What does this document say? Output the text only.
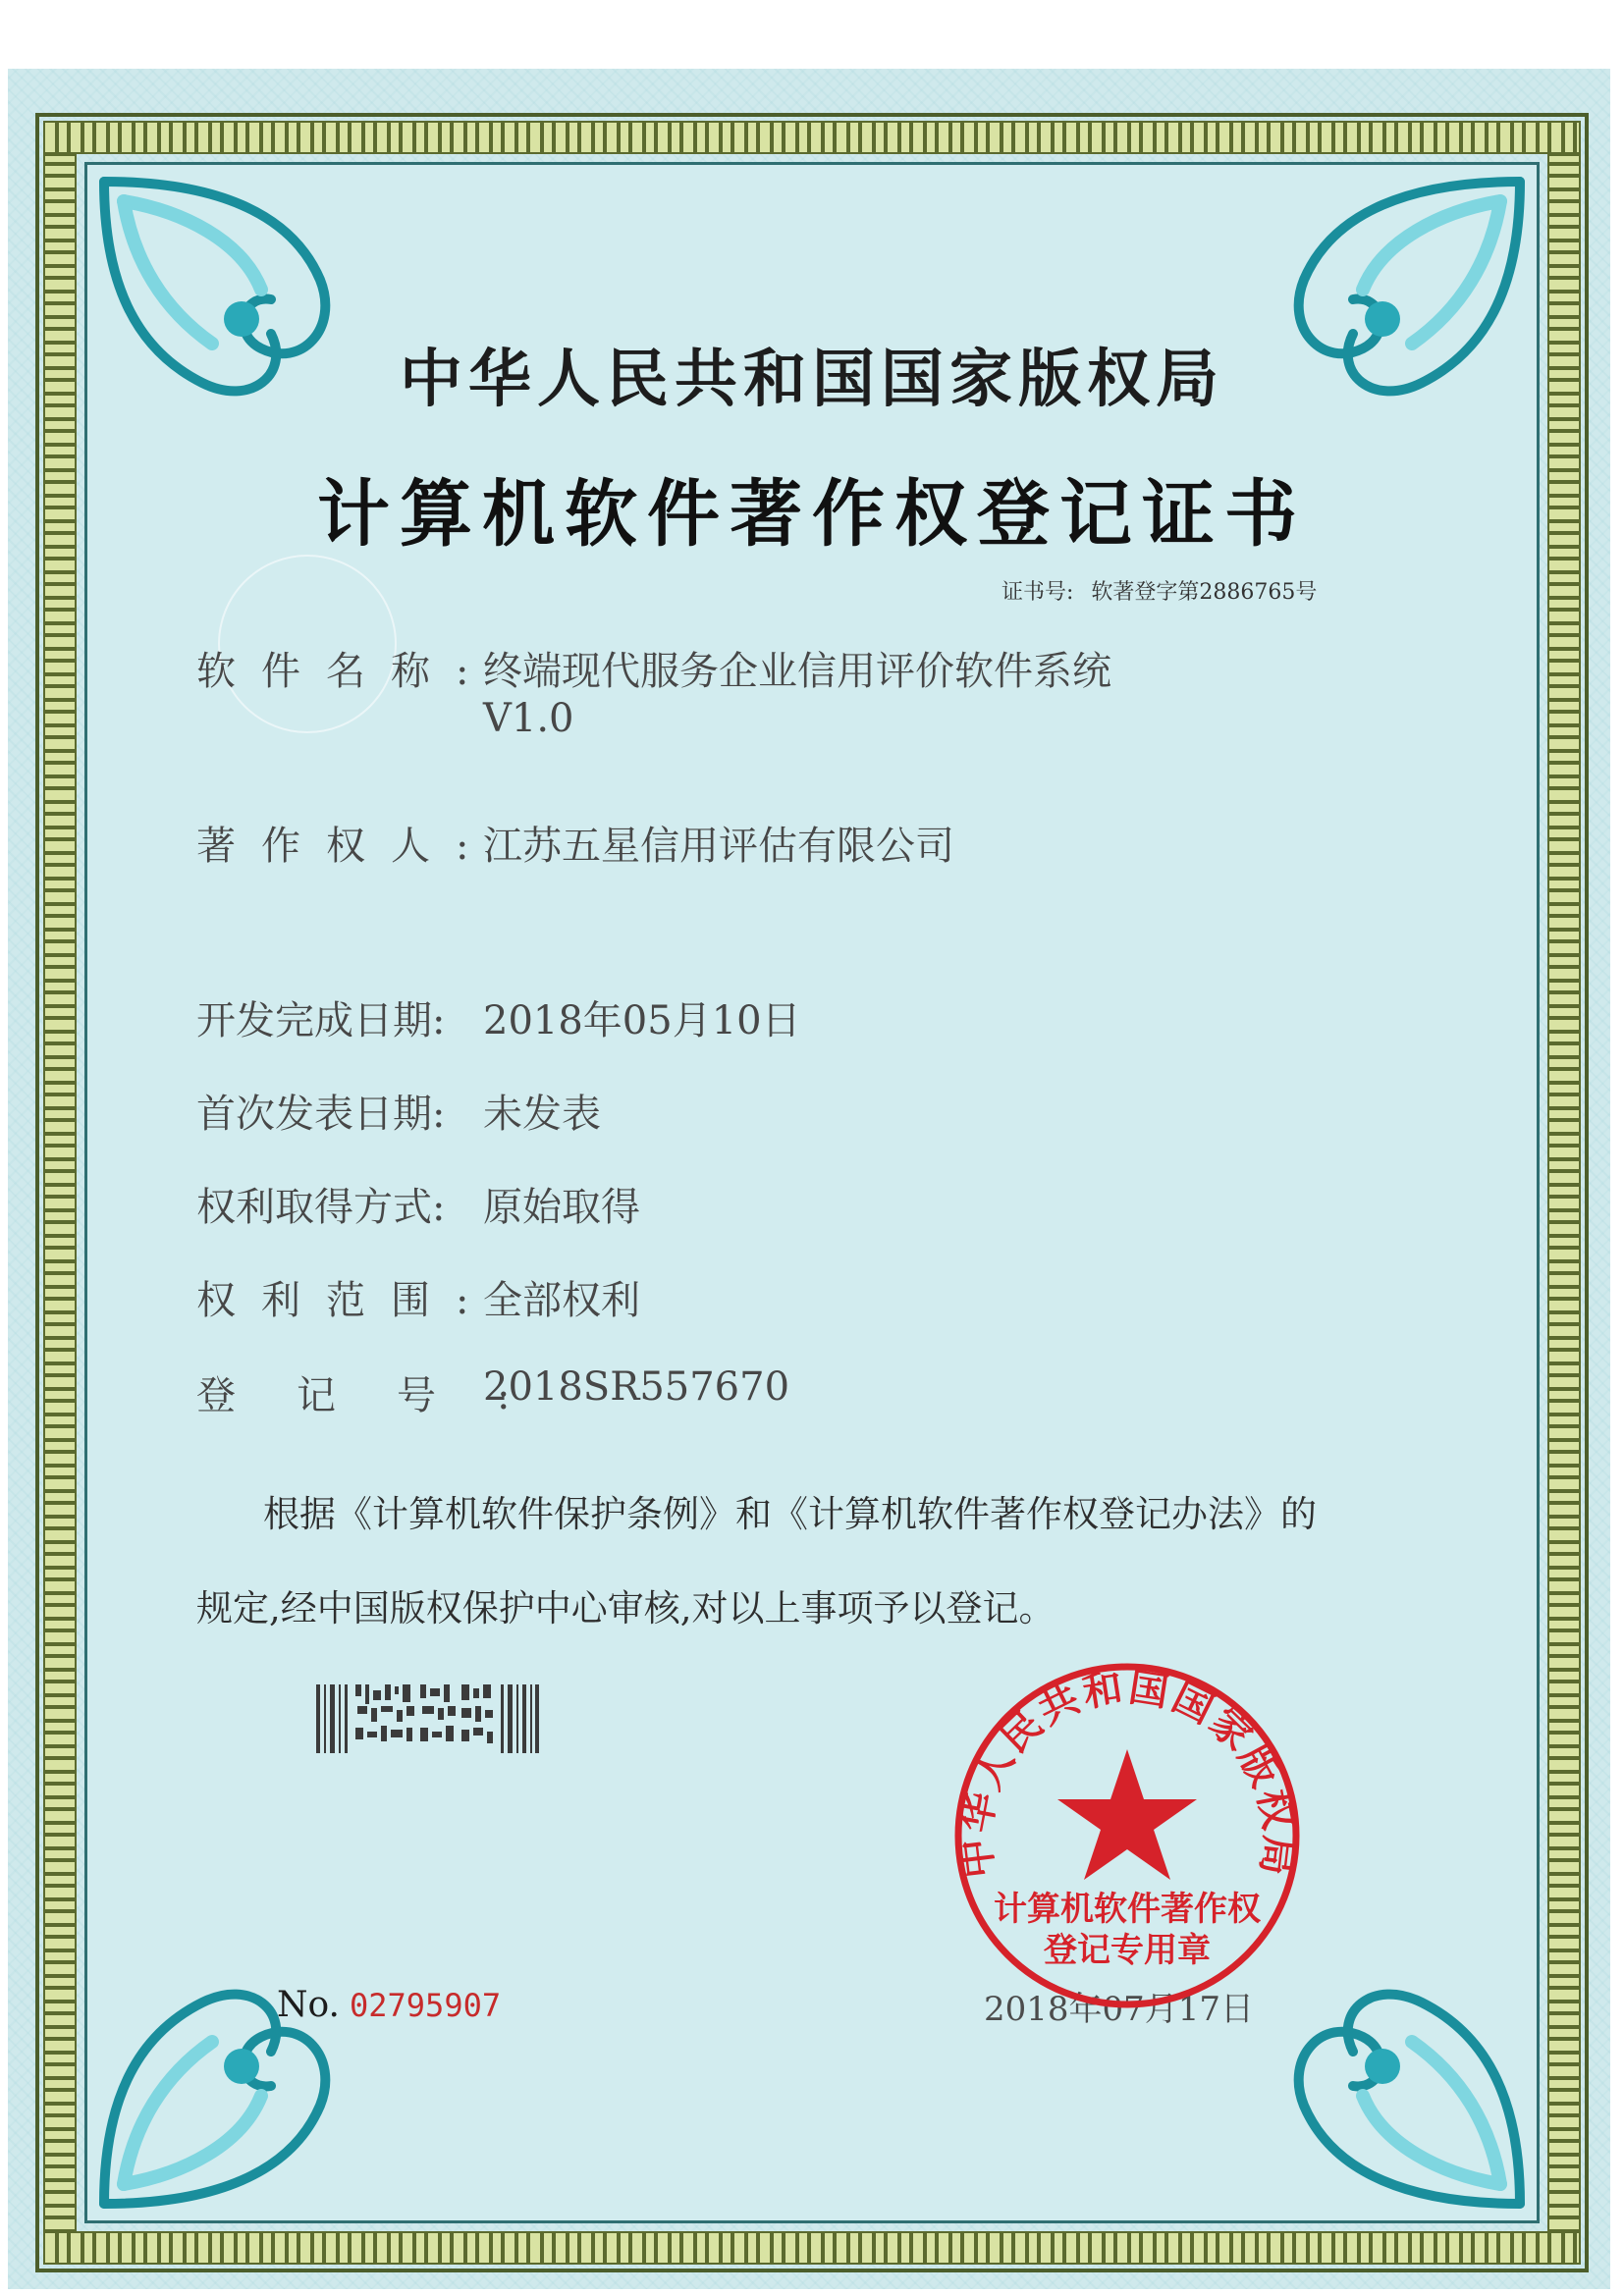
中华人民共和国国家版权局
计算机软件著作权登记证书
证书号: 软著登字第2886765号
软件名称:终端现代服务企业信用评价软件系统
V1.0
著作权人:江苏五星信用评估有限公司
开发完成日期: 2018年05月10日
首次发表日期: 未发表
权利取得方式: 原始取得
权利范围:全部权利
登记号:2018SR557670
根据《计算机软件保护条例》和《计算机软件著作权登记办法》的
规定,经中国版权保护中心审核,对以上事项予以登记。
No. 02795907	2018年07月17日
中华人民共和国国家版权局
计算机软件著作权
登记专用章
